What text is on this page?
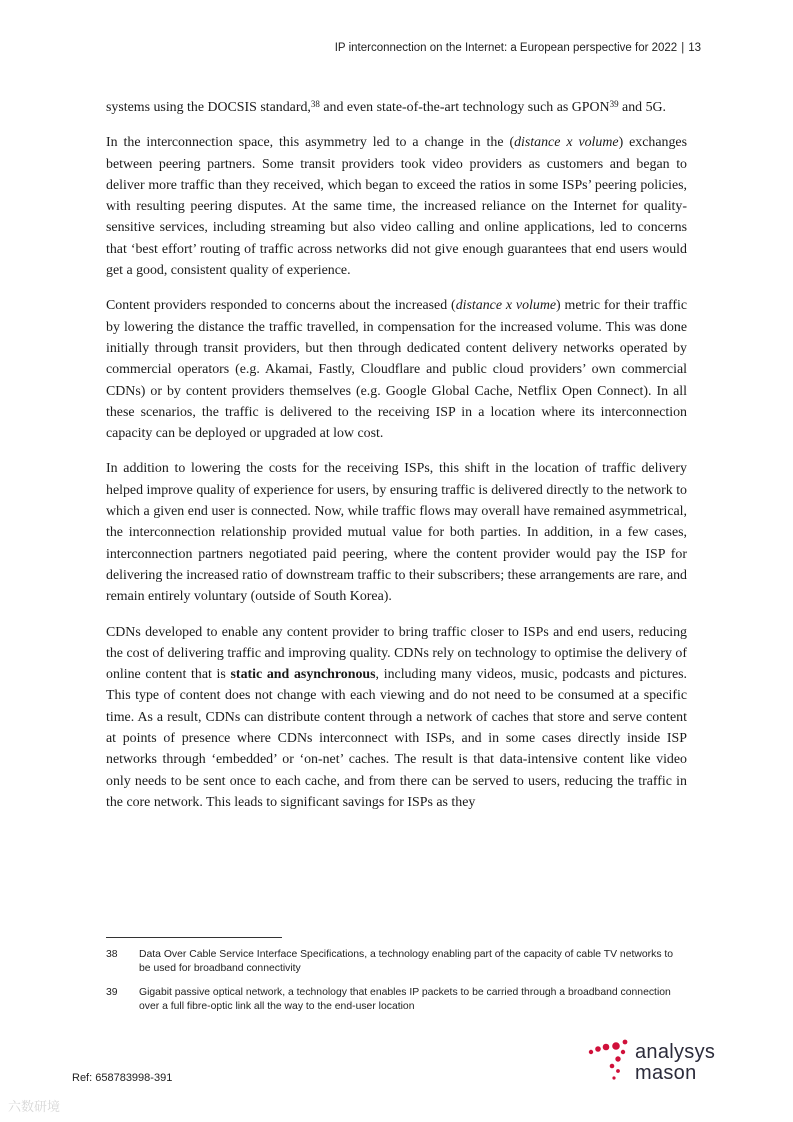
IP interconnection on the Internet: a European perspective for 2022 | 13

systems using the DOCSIS standard,$^{38}$ and even state-of-the-art technology such as GPON$^{39}$ and 5G.

In the interconnection space, this asymmetry led to a change in the (distance x volume) exchanges between peering partners. Some transit providers took video providers as customers and began to deliver more traffic than they received, which began to exceed the ratios in some ISPs’ peering policies, with resulting peering disputes. At the same time, the increased reliance on the Internet for quality-sensitive services, including streaming but also video calling and online applications, led to concerns that ‘best effort’ routing of traffic across networks did not give enough guarantees that end users would get a good, consistent quality of experience.

Content providers responded to concerns about the increased (distance x volume) metric for their traffic by lowering the distance the traffic travelled, in compensation for the increased volume. This was done initially through transit providers, but then through dedicated content delivery networks operated by commercial operators (e.g. Akamai, Fastly, Cloudflare and public cloud providers’ own commercial CDNs) or by content providers themselves (e.g. Google Global Cache, Netflix Open Connect). In all these scenarios, the traffic is delivered to the receiving ISP in a location where its interconnection capacity can be deployed or upgraded at low cost.

In addition to lowering the costs for the receiving ISPs, this shift in the location of traffic delivery helped improve quality of experience for users, by ensuring traffic is delivered directly to the network to which a given end user is connected. Now, while traffic flows may overall have remained asymmetrical, the interconnection relationship provided mutual value for both parties. In addition, in a few cases, interconnection partners negotiated paid peering, where the content provider would pay the ISP for delivering the increased ratio of downstream traffic to their subscribers; these arrangements are rare, and remain entirely voluntary (outside of South Korea).

CDNs developed to enable any content provider to bring traffic closer to ISPs and end users, reducing the cost of delivering traffic and improving quality. CDNs rely on technology to optimise the delivery of online content that is static and asynchronous, including many videos, music, podcasts and pictures. This type of content does not change with each viewing and do not need to be consumed at a specific time. As a result, CDNs can distribute content through a network of caches that store and serve content at points of presence where CDNs interconnect with ISPs, and in some cases directly inside ISP networks through ‘embedded’ or ‘on-net’ caches. The result is that data-intensive content like video only needs to be sent once to each cache, and from there can be served to users, reducing the traffic in the core network. This leads to significant savings for ISPs as they

38	Data Over Cable Service Interface Specifications, a technology enabling part of the capacity of cable TV networks to be used for broadband connectivity
39	Gigabit passive optical network, a technology that enables IP packets to be carried through a broadband connection over a full fibre-optic link all the way to the end-user location
Ref: 658783998-391
analysys
mason
六数研境
